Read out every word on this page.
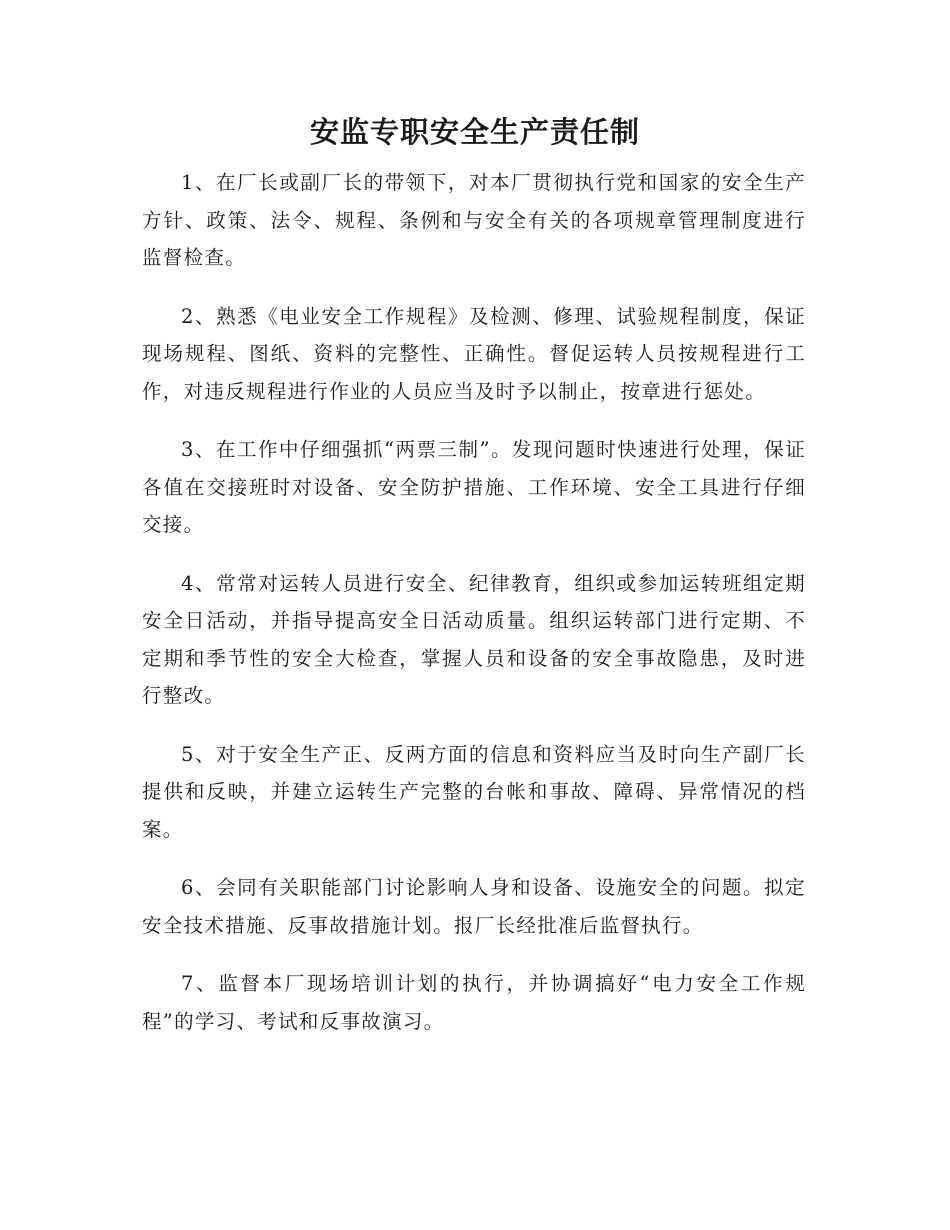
安监专职安全生产责任制

1、在厂长或副厂长的带领下，对本厂贯彻执行党和国家的安全生产方针、政策、法令、规程、条例和与安全有关的各项规章管理制度进行监督检查。

2、熟悉《电业安全工作规程》及检测、修理、试验规程制度，保证现场规程、图纸、资料的完整性、正确性。督促运转人员按规程进行工作，对违反规程进行作业的人员应当及时予以制止，按章进行惩处。

3、在工作中仔细强抓“两票三制”。发现问题时快速进行处理，保证各值在交接班时对设备、安全防护措施、工作环境、安全工具进行仔细交接。

4、常常对运转人员进行安全、纪律教育，组织或参加运转班组定期安全日活动，并指导提高安全日活动质量。组织运转部门进行定期、不定期和季节性的安全大检查，掌握人员和设备的安全事故隐患，及时进行整改。

5、对于安全生产正、反两方面的信息和资料应当及时向生产副厂长提供和反映，并建立运转生产完整的台帐和事故、障碍、异常情况的档案。

6、会同有关职能部门讨论影响人身和设备、设施安全的问题。拟定安全技术措施、反事故措施计划。报厂长经批准后监督执行。

7、监督本厂现场培训计划的执行，并协调搞好“电力安全工作规程”的学习、考试和反事故演习。
